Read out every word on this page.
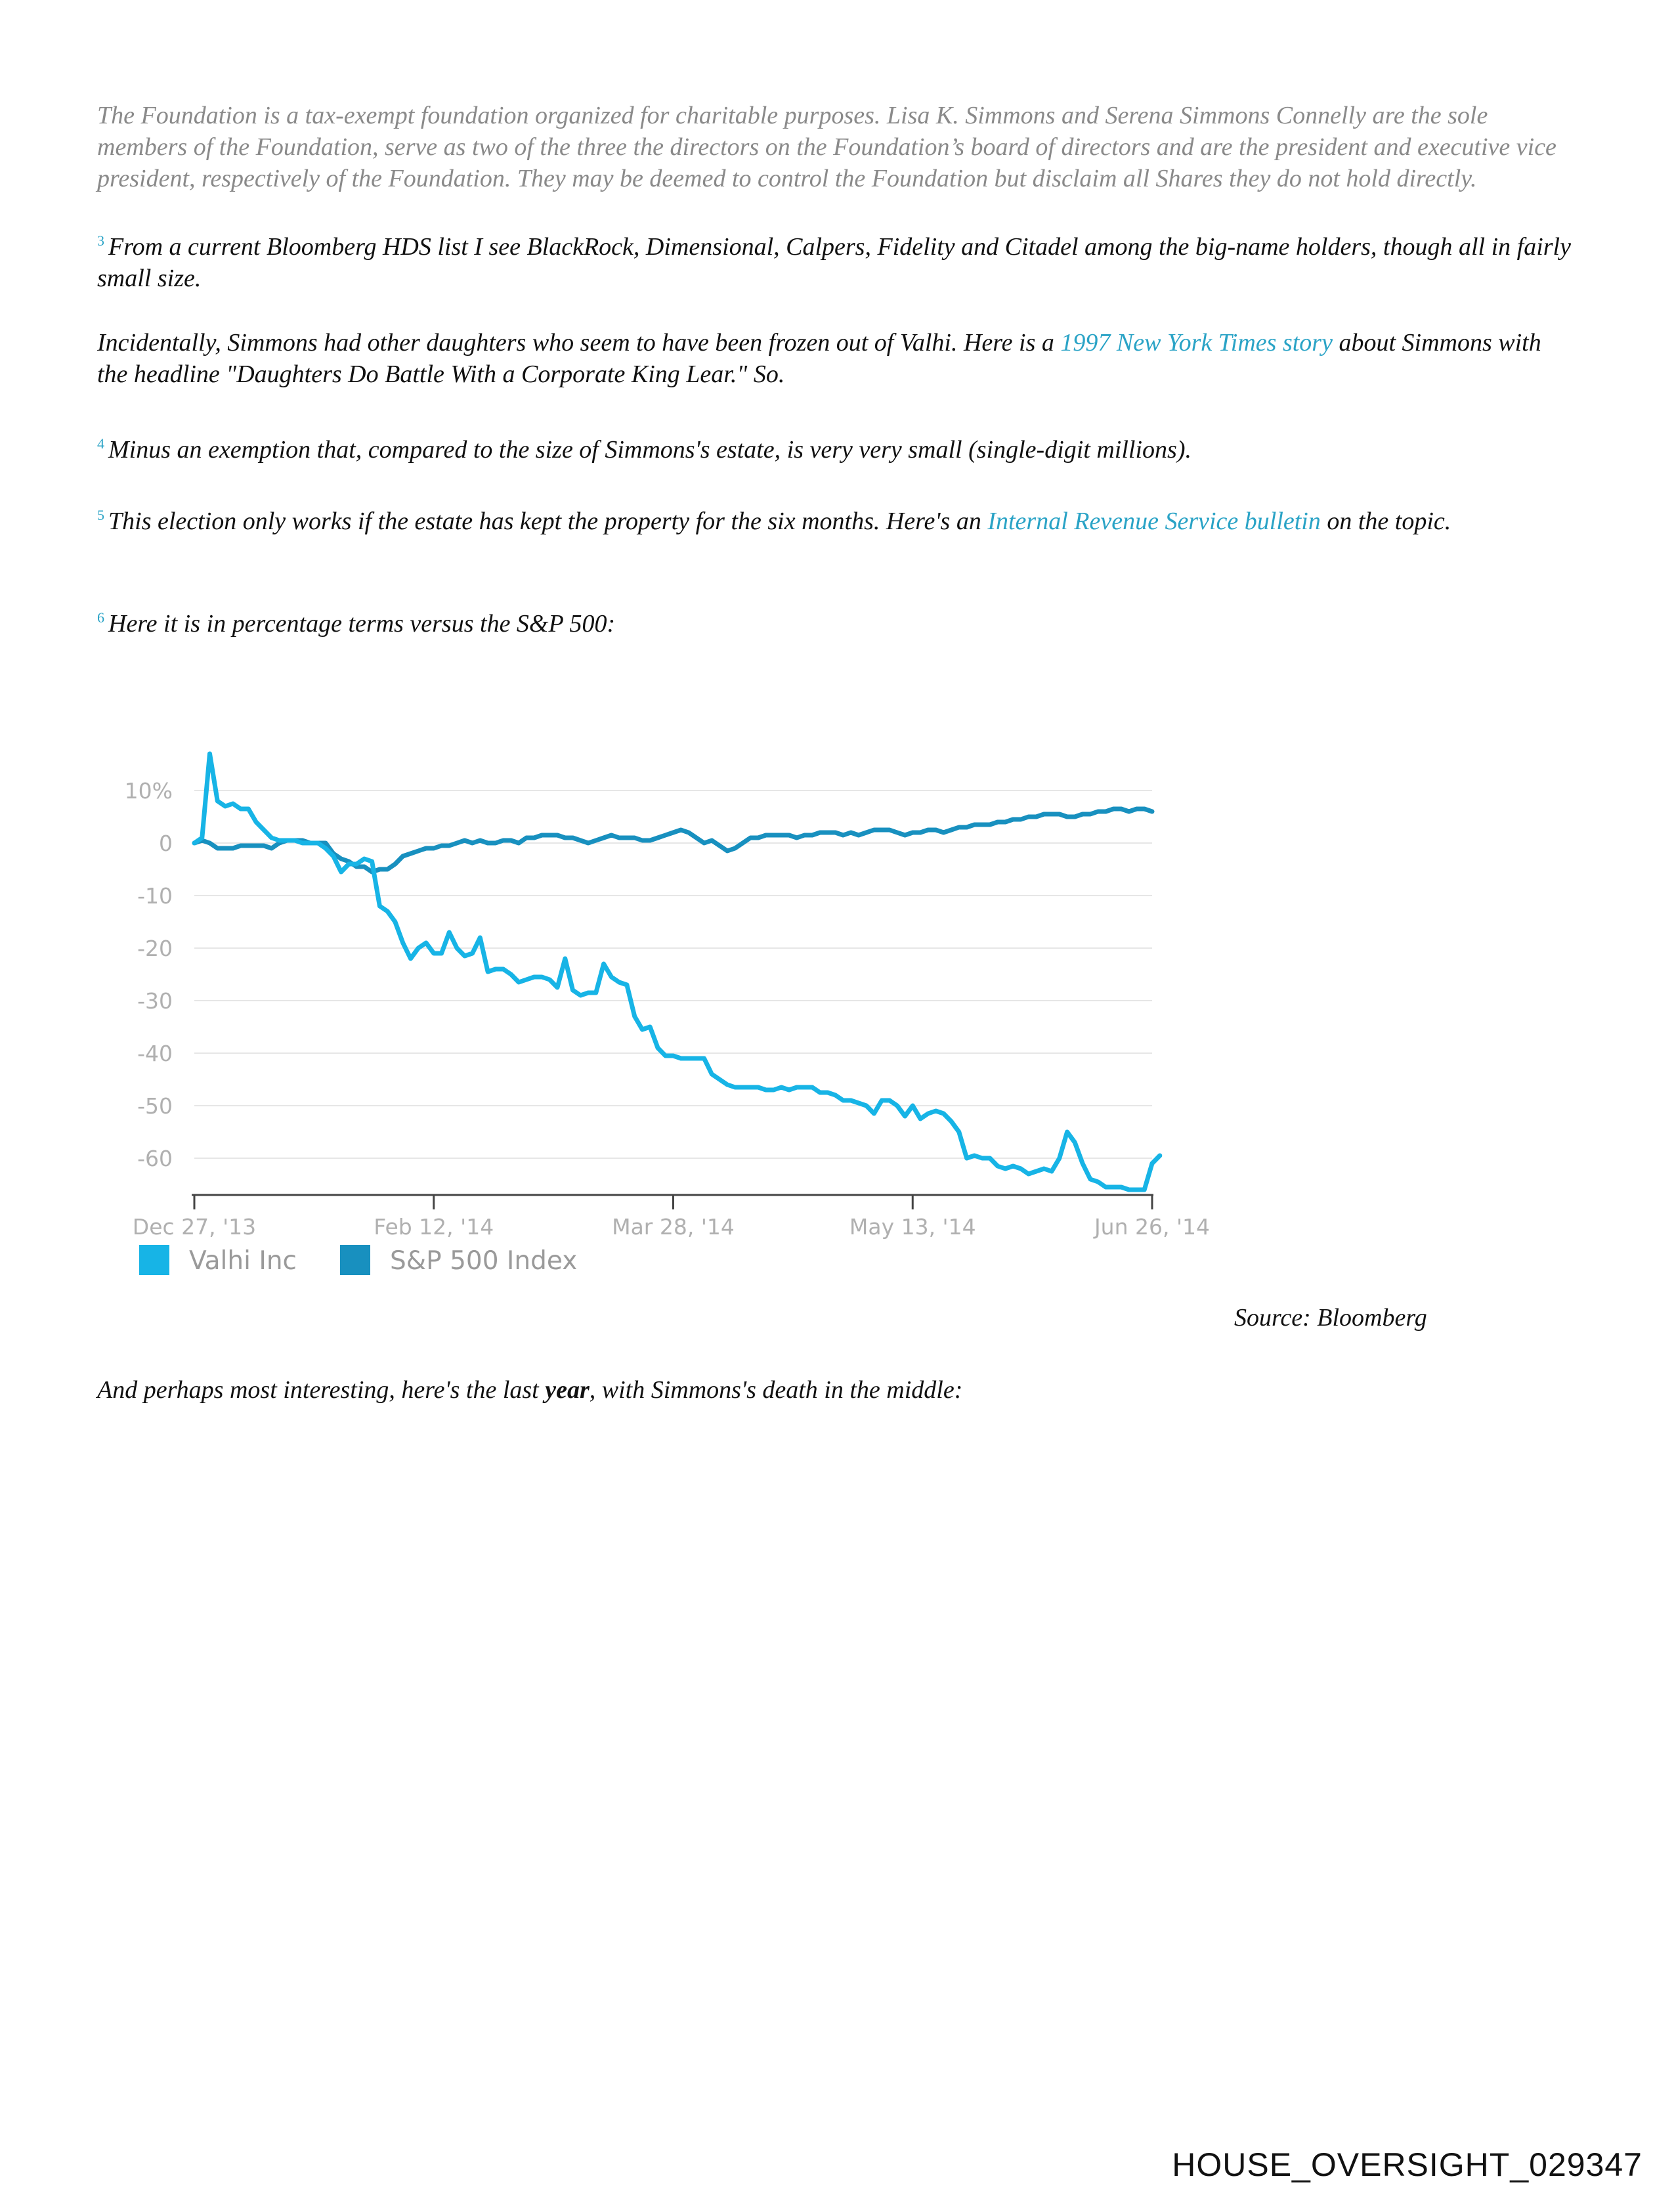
The Foundation is a tax-exempt foundation organized for charitable purposes. Lisa K. Simmons and Serena Simmons Connelly are the sole members of the Foundation, serve as two of the three the directors on the Foundation’s board of directors and are the president and executive vice president, respectively of the Foundation. They may be deemed to control the Foundation but disclaim all Shares they do not hold directly.

$^3$ From a current Bloomberg HDS list I see BlackRock, Dimensional, Calpers, Fidelity and Citadel among the big-name holders, though all in fairly small size.

Incidentally, Simmons had other daughters who seem to have been frozen out of Valhi. Here is a 1997 New York Times story about Simmons with the headline "Daughters Do Battle With a Corporate King Lear." So.

$^4$ Minus an exemption that, compared to the size of Simmons's estate, is very very small (single-digit millions).

$^5$ This election only works if the estate has kept the property for the six months. Here's an Internal Revenue Service bulletin on the topic.

$^6$ Here it is in percentage terms versus the S&P 500:

10%
0
-10
-20
-30
-40
-50
-60
Dec 27, '13	Feb 12, '14	Mar 28, '14	May 13, '14	Jun 26, '14
Valhi Inc	S&P 500 Index

Source: Bloomberg

And perhaps most interesting, here's the last year, with Simmons's death in the middle:

HOUSE_OVERSIGHT_029347
